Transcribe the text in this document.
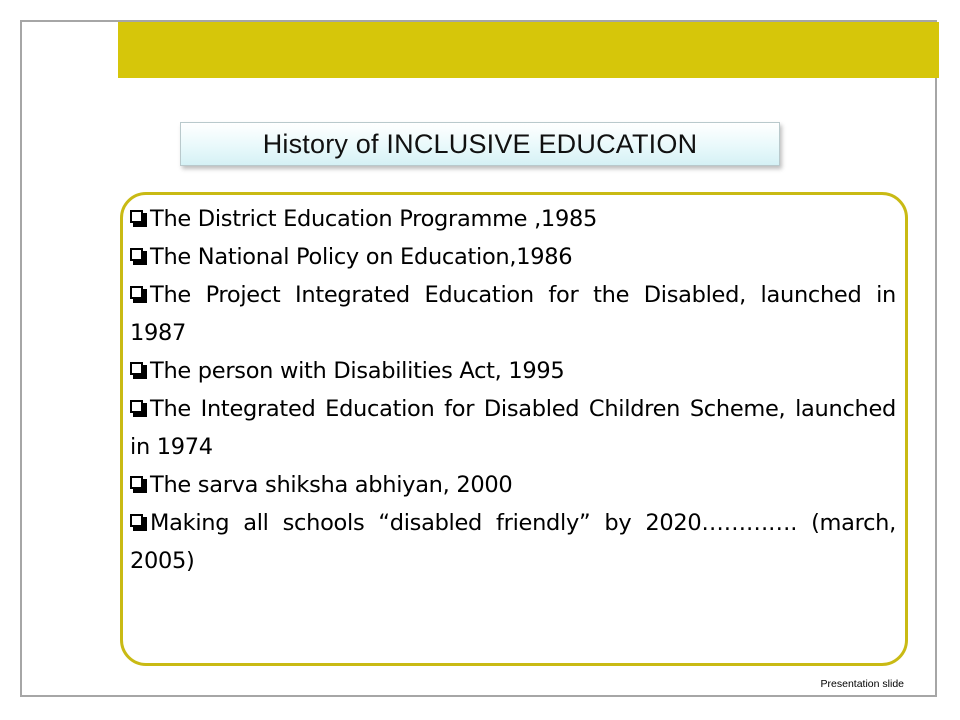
History of INCLUSIVE EDUCATION
The District Education Programme ,1985
The National Policy on Education,1986
The Project Integrated Education for the Disabled, launched in 1987
The person with Disabilities Act, 1995
The Integrated Education for Disabled Children Scheme, launched in 1974
The sarva shiksha abhiyan, 2000
Making all schools “disabled friendly” by 2020…………. (march, 2005)
Presentation slide
